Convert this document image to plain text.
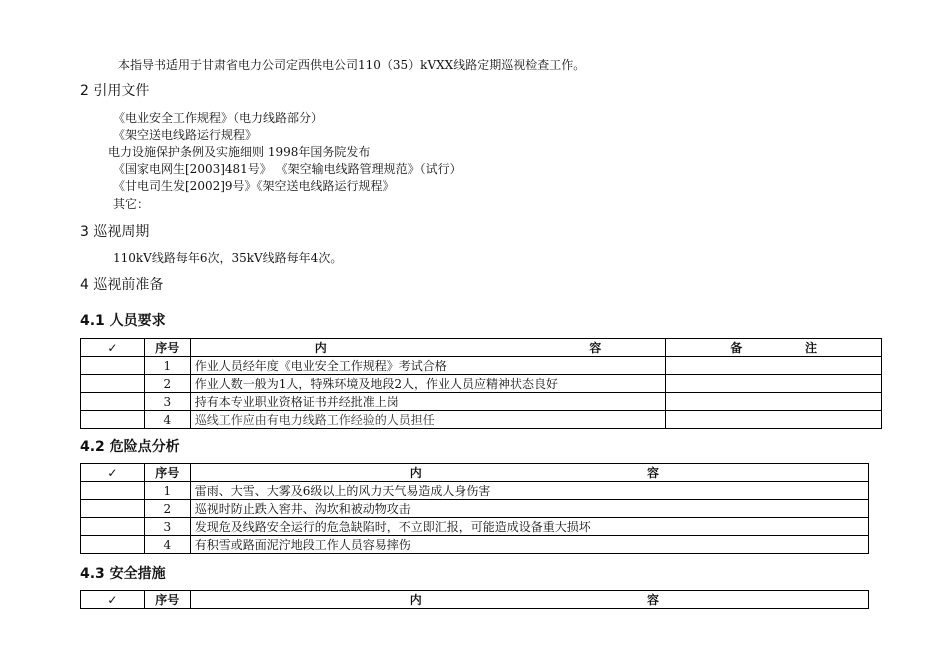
本指导书适用于甘肃省电力公司定西供电公司110（35）kVXX线路定期巡视检查工作。
2 引用文件
《电业安全工作规程》（电力线路部分）
《架空送电线路运行规程》
电力设施保护条例及实施细则 1998年国务院发布
《国家电网生[2003]481号》 《架空输电线路管理规范》（试行）
《甘电司生发[2002]9号》《架空送电线路运行规程》
其它：
3 巡视周期
110kV线路每年6次，35kV线路每年4次。
4 巡视前准备
4.1 人员要求
✓	序号	内 容	备 注

	1	作业人员经年度《电业安全工作规程》考试合格	
	2	作业人数一般为1人，特殊环境及地段2人，作业人员应精神状态良好	
	3	持有本专业职业资格证书并经批准上岗	
	4	巡线工作应由有电力线路工作经验的人员担任	
4.2 危险点分析
✓	序号	内 容

	1	雷雨、大雪、大雾及6级以上的风力天气易造成人身伤害
	2	巡视时防止跌入窖井、沟坎和被动物攻击
	3	发现危及线路安全运行的危急缺陷时，不立即汇报，可能造成设备重大损坏
	4	有积雪或路面泥泞地段工作人员容易摔伤
4.3 安全措施
✓	序号	内	容
